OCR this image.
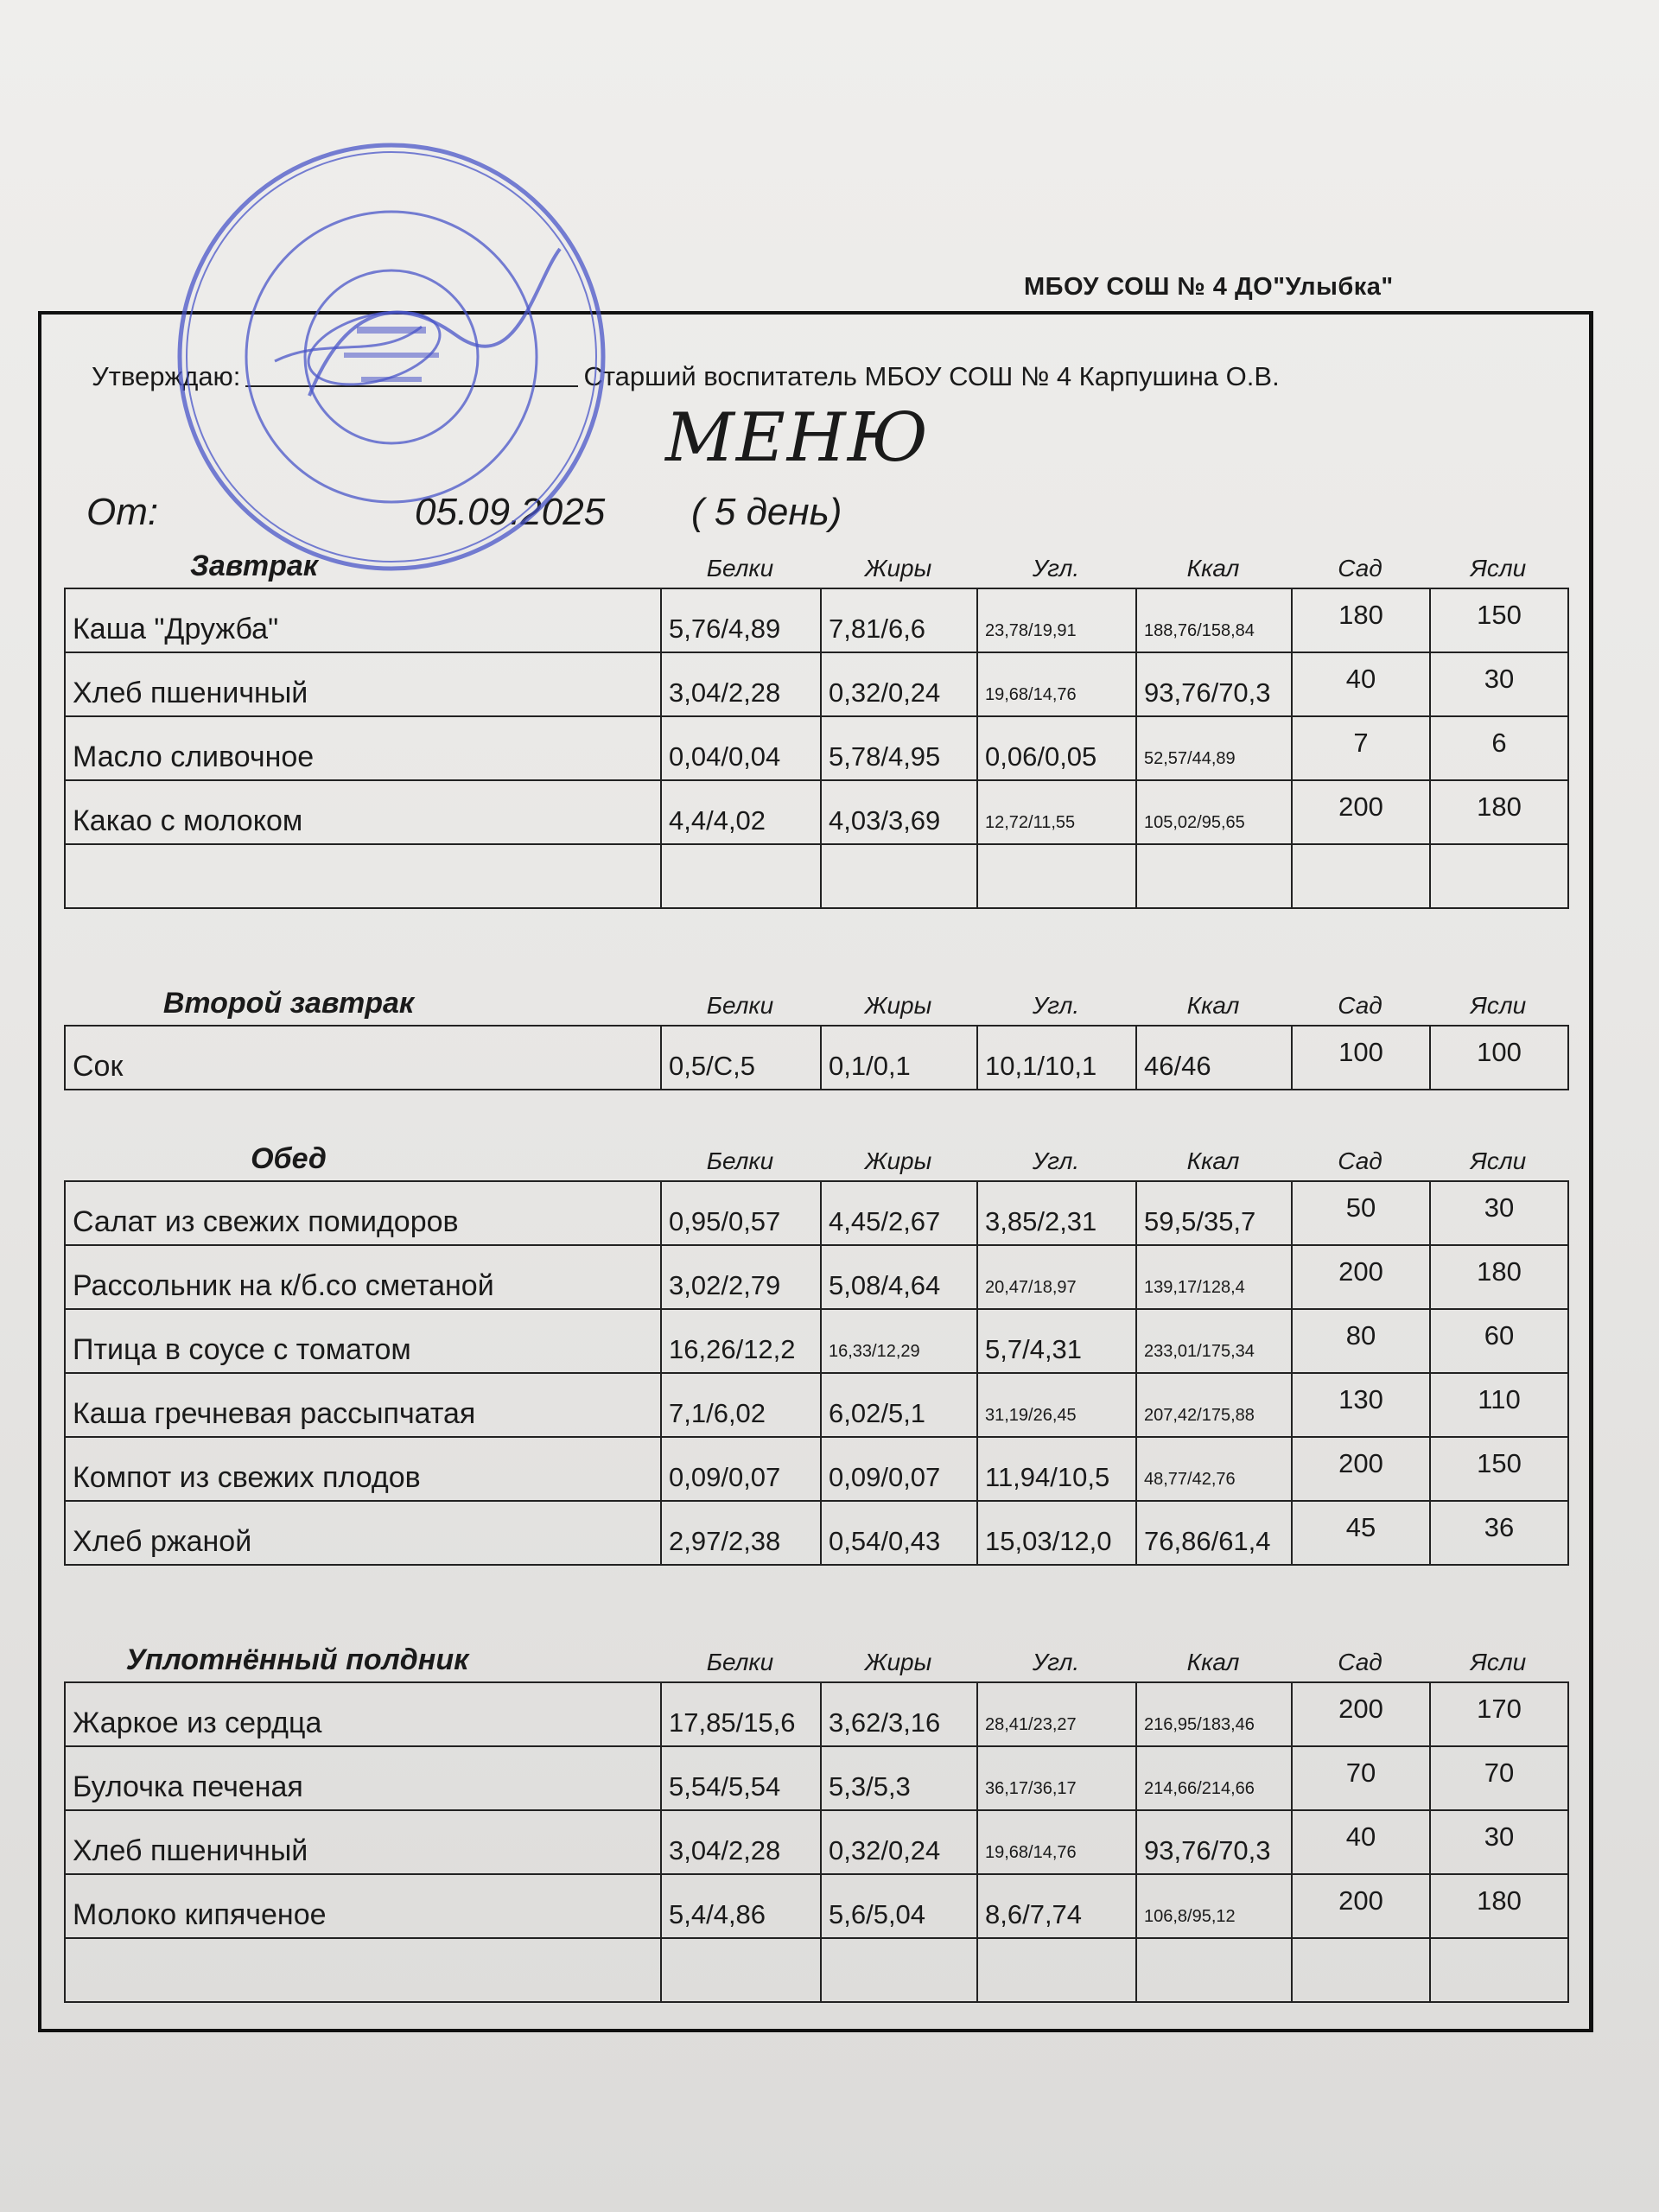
МБОУ СОШ № 4 ДО"Улыбка"
Утверждаю:	Старший воспитатель МБОУ СОШ № 4 Карпушина О.В.
МЕНЮ
От:	05.09.2025 ( 5 день)
Завтрак	Белки	Жиры	Угл.	Ккал	Сад	Ясли
Каша "Дружба"	5,76/4,89	7,81/6,6	23,78/19,91	188,76/158,84	180	150
Хлеб пшеничный	3,04/2,28	0,32/0,24	19,68/14,76	93,76/70,3	40	30
Масло сливочное	0,04/0,04	5,78/4,95	0,06/0,05	52,57/44,89	7	6
Какао с молоком	4,4/4,02	4,03/3,69	12,72/11,55	105,02/95,65	200	180

Второй завтрак	Белки	Жиры	Угл.	Ккал	Сад	Ясли
Сок	0,5/С,5	0,1/0,1	10,1/10,1	46/46	100	100
Обед	Белки	Жиры	Угл.	Ккал	Сад	Ясли
Салат из свежих помидоров	0,95/0,57	4,45/2,67	3,85/2,31	59,5/35,7	50	30
Рассольник на к/б.со сметаной	3,02/2,79	5,08/4,64	20,47/18,97	139,17/128,4	200	180
Птица в соусе с томатом	16,26/12,2	16,33/12,29	5,7/4,31	233,01/175,34	80	60
Каша гречневая рассыпчатая	7,1/6,02	6,02/5,1	31,19/26,45	207,42/175,88	130	110
Компот из свежих плодов	0,09/0,07	0,09/0,07	11,94/10,5	48,77/42,76	200	150
Хлеб ржаной	2,97/2,38	0,54/0,43	15,03/12,0	76,86/61,4	45	36
Уплотнённый полдник	Белки	Жиры	Угл.	Ккал	Сад	Ясли
Жаркое из сердца	17,85/15,6	3,62/3,16	28,41/23,27	216,95/183,46	200	170
Булочка печеная	5,54/5,54	5,3/5,3	36,17/36,17	214,66/214,66	70	70
Хлеб пшеничный	3,04/2,28	0,32/0,24	19,68/14,76	93,76/70,3	40	30
Молоко кипяченое	5,4/4,86	5,6/5,04	8,6/7,74	106,8/95,12	200	180
